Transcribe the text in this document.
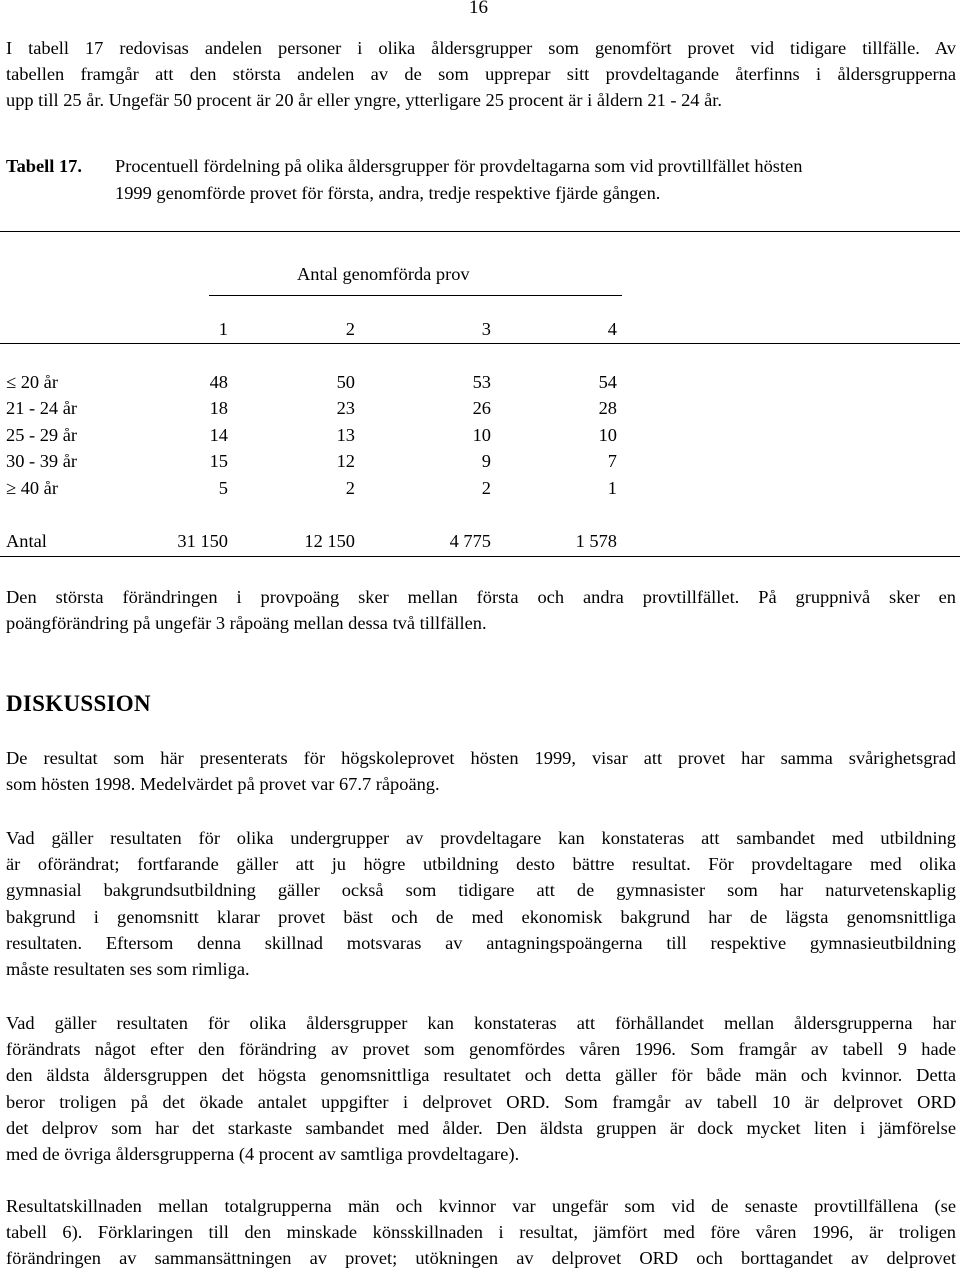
16

I tabell 17 redovisas andelen personer i olika åldersgrupper som genomfört provet vid tidigare tillfälle. Av
tabellen framgår att den största andelen av de som upprepar sitt provdeltagande återfinns i åldersgrupperna
upp till 25 år. Ungefär 50 procent är 20 år eller yngre, ytterligare 25 procent är i åldern 21 - 24 år.

Tabell 17. Procentuell fördelning på olika åldersgrupper för provdeltagarna som vid provtillfället hösten
1999 genomförde provet för första, andra, tredje respektive fjärde gången.
Antal genomförda prov
1	2	3	4
≤ 20 år	48	50	53	54
21 - 24 år	18	23	26	28
25 - 29 år	14	13	10	10
30 - 39 år	15	12	9	7
≥ 40 år	5	2	2	1
Antal	31 150	12 150	4 775	1 578

Den största förändringen i provpoäng sker mellan första och andra provtillfället. På gruppnivå sker en
poängförändring på ungefär 3 råpoäng mellan dessa två tillfällen.

DISKUSSION

De resultat som här presenterats för högskoleprovet hösten 1999, visar att provet har samma svårighetsgrad
som hösten 1998. Medelvärdet på provet var 67.7 råpoäng.

Vad gäller resultaten för olika undergrupper av provdeltagare kan konstateras att sambandet med utbildning
är oförändrat; fortfarande gäller att ju högre utbildning desto bättre resultat. För provdeltagare med olika
gymnasial bakgrundsutbildning gäller också som tidigare att de gymnasister som har naturvetenskaplig
bakgrund i genomsnitt klarar provet bäst och de med ekonomisk bakgrund har de lägsta genomsnittliga
resultaten. Eftersom denna skillnad motsvaras av antagningspoängerna till respektive gymnasieutbildning
måste resultaten ses som rimliga.

Vad gäller resultaten för olika åldersgrupper kan konstateras att förhållandet mellan åldersgrupperna har
förändrats något efter den förändring av provet som genomfördes våren 1996. Som framgår av tabell 9 hade
den äldsta åldersgruppen det högsta genomsnittliga resultatet och detta gäller för både män och kvinnor. Detta
beror troligen på det ökade antalet uppgifter i delprovet ORD. Som framgår av tabell 10 är delprovet ORD
det delprov som har det starkaste sambandet med ålder. Den äldsta gruppen är dock mycket liten i jämförelse
med de övriga åldersgrupperna (4 procent av samtliga provdeltagare).

Resultatskillnaden mellan totalgrupperna män och kvinnor var ungefär som vid de senaste provtillfällena (se
tabell 6). Förklaringen till den minskade könsskillnaden i resultat, jämfört med före våren 1996, är troligen
förändringen av sammansättningen av provet; utökningen av delprovet ORD och borttagandet av delprovet
